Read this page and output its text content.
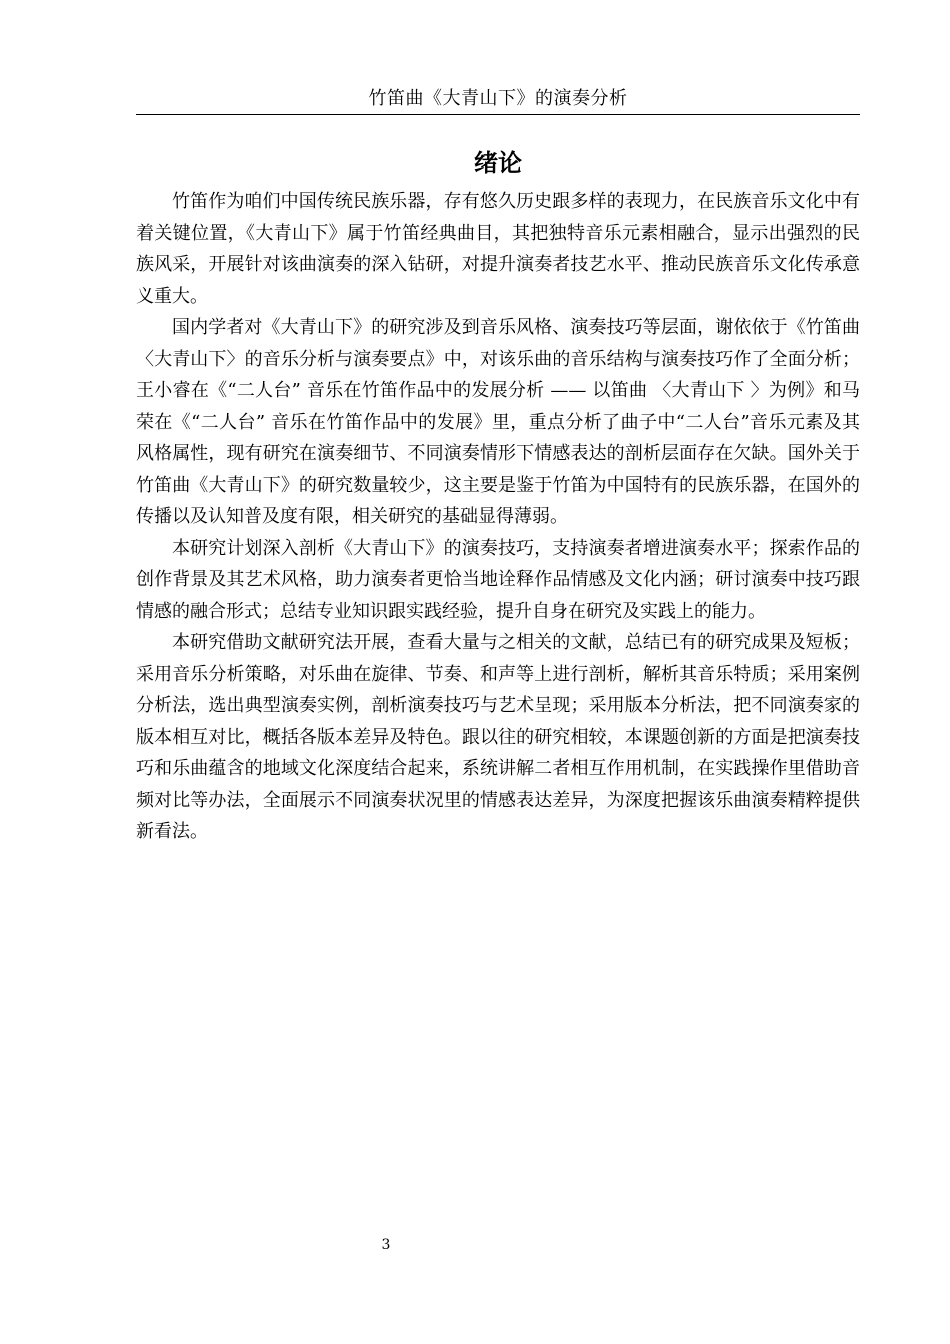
竹笛曲《大青山下》的演奏分析
绪论

竹笛作为咱们中国传统民族乐器，存有悠久历史跟多样的表现力，在民族音乐文化中有着关键位置，《大青山下》属于竹笛经典曲目，其把独特音乐元素相融合，显示出强烈的民族风采，开展针对该曲演奏的深入钻研，对提升演奏者技艺水平、推动民族音乐文化传承意义重大。

国内学者对《大青山下》的研究涉及到音乐风格、演奏技巧等层面，谢依依于《竹笛曲〈大青山下〉的音乐分析与演奏要点》中，对该乐曲的音乐结构与演奏技巧作了全面分析；王小睿在《“二人台” 音乐在竹笛作品中的发展分析 —— 以笛曲 〈大青山下 〉为例》和马荣在《“二人台” 音乐在竹笛作品中的发展》里，重点分析了曲子中“二人台”音乐元素及其风格属性，现有研究在演奏细节、不同演奏情形下情感表达的剖析层面存在欠缺。国外关于竹笛曲《大青山下》的研究数量较少，这主要是鉴于竹笛为中国特有的民族乐器，在国外的传播以及认知普及度有限，相关研究的基础显得薄弱。

本研究计划深入剖析《大青山下》的演奏技巧，支持演奏者增进演奏水平；探索作品的创作背景及其艺术风格，助力演奏者更恰当地诠释作品情感及文化内涵；研讨演奏中技巧跟情感的融合形式；总结专业知识跟实践经验，提升自身在研究及实践上的能力。

本研究借助文献研究法开展，查看大量与之相关的文献，总结已有的研究成果及短板；采用音乐分析策略，对乐曲在旋律、节奏、和声等上进行剖析，解析其音乐特质；采用案例分析法，选出典型演奏实例，剖析演奏技巧与艺术呈现；采用版本分析法，把不同演奏家的版本相互对比，概括各版本差异及特色。跟以往的研究相较，本课题创新的方面是把演奏技巧和乐曲蕴含的地域文化深度结合起来，系统讲解二者相互作用机制，在实践操作里借助音频对比等办法，全面展示不同演奏状况里的情感表达差异，为深度把握该乐曲演奏精粹提供新看法。

3
